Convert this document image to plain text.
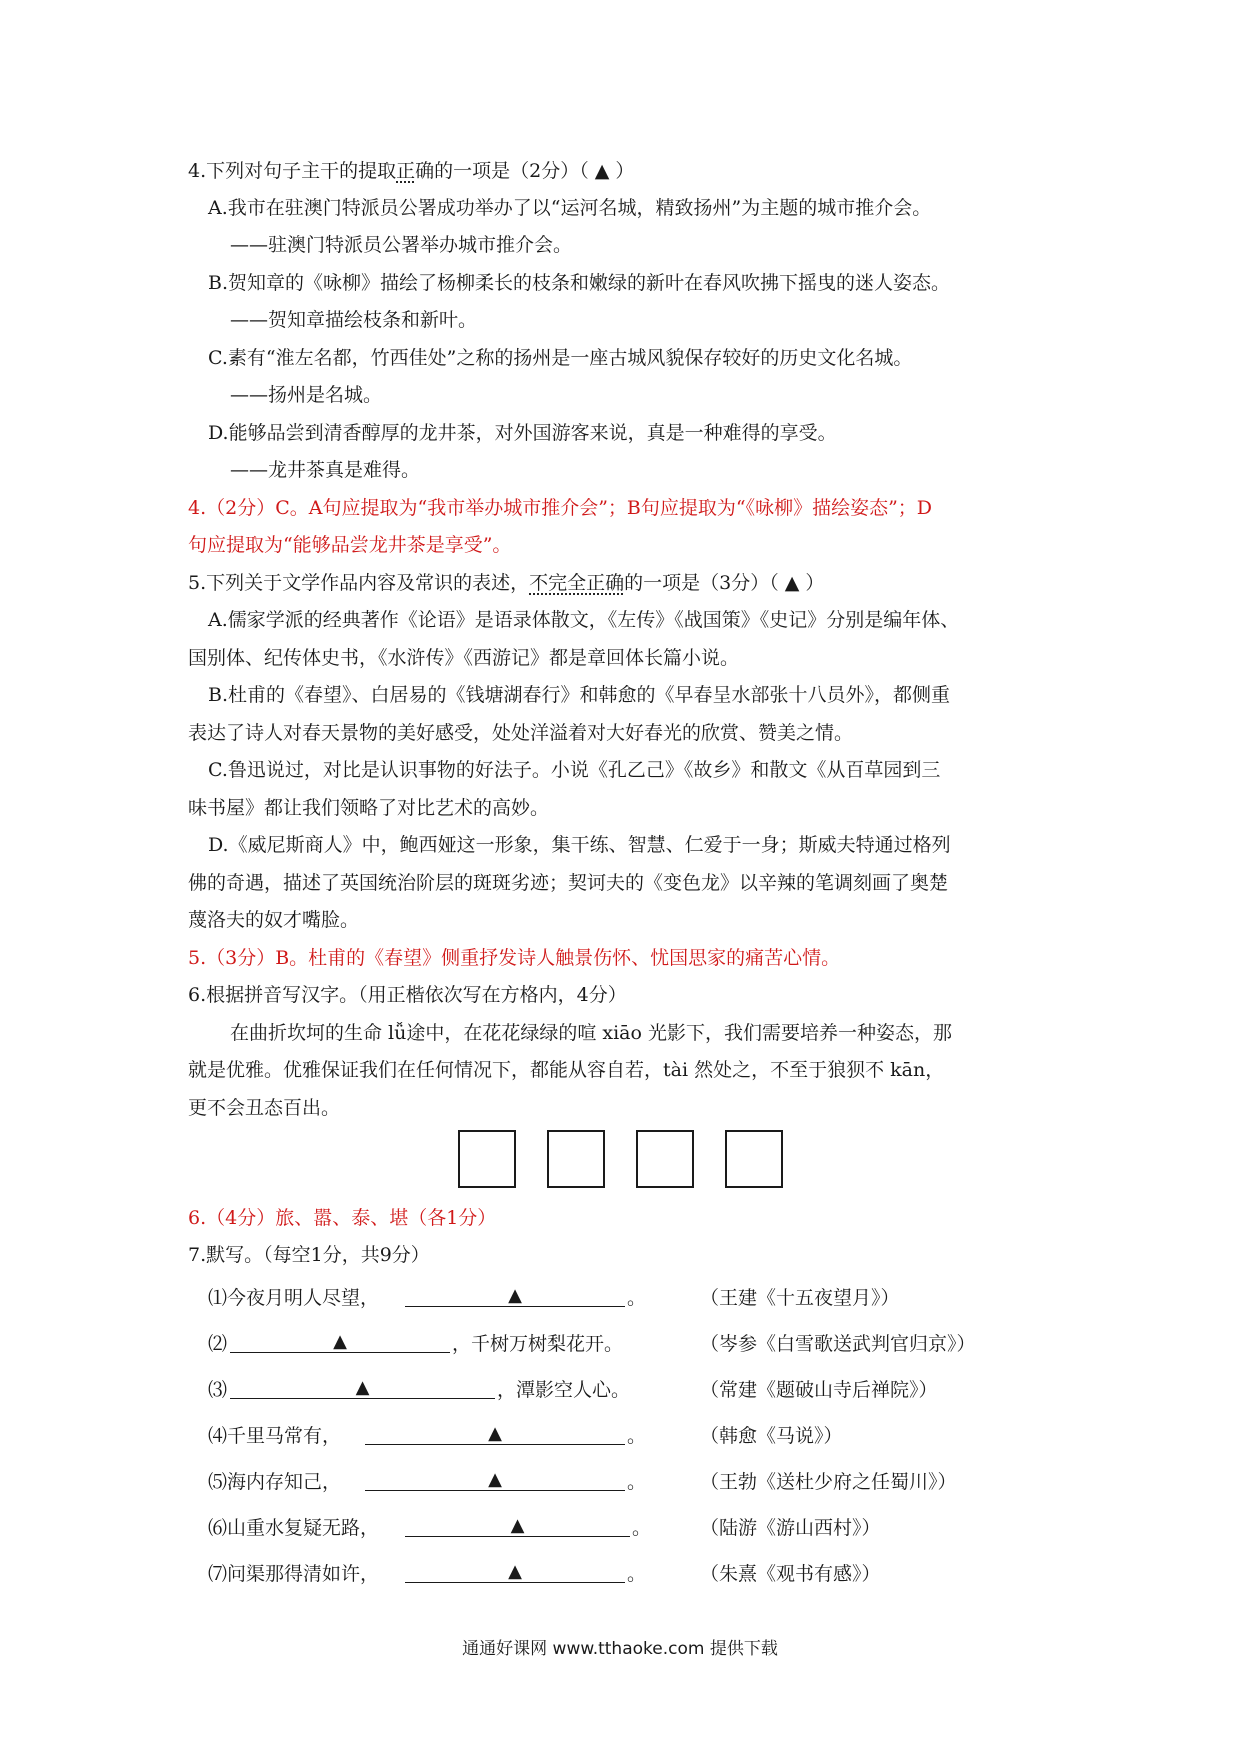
4.下列对句子主干的提取正确的一项是（2分）（ ▲ ）
A.我市在驻澳门特派员公署成功举办了以“运河名城，精致扬州”为主题的城市推介会。
——驻澳门特派员公署举办城市推介会。
B.贺知章的《咏柳》描绘了杨柳柔长的枝条和嫩绿的新叶在春风吹拂下摇曳的迷人姿态。
——贺知章描绘枝条和新叶。
C.素有“淮左名都，竹西佳处”之称的扬州是一座古城风貌保存较好的历史文化名城。
——扬州是名城。
D.能够品尝到清香醇厚的龙井茶，对外国游客来说，真是一种难得的享受。
——龙井茶真是难得。
4.（2分）C。A句应提取为“我市举办城市推介会”；B句应提取为“《咏柳》描绘姿态”；D
句应提取为“能够品尝龙井茶是享受”。
5.下列关于文学作品内容及常识的表述，不完全正确的一项是（3分）（ ▲ ）
A.儒家学派的经典著作《论语》是语录体散文，《左传》《战国策》《史记》分别是编年体、
国别体、纪传体史书，《水浒传》《西游记》都是章回体长篇小说。
B.杜甫的《春望》、白居易的《钱塘湖春行》和韩愈的《早春呈水部张十八员外》，都侧重
表达了诗人对春天景物的美好感受，处处洋溢着对大好春光的欣赏、赞美之情。
C.鲁迅说过，对比是认识事物的好法子。小说《孔乙己》《故乡》和散文《从百草园到三
味书屋》都让我们领略了对比艺术的高妙。
D.《威尼斯商人》中，鲍西娅这一形象，集干练、智慧、仁爱于一身；斯威夫特通过格列
佛的奇遇，描述了英国统治阶层的斑斑劣迹；契诃夫的《变色龙》以辛辣的笔调刻画了奥楚
蔑洛夫的奴才嘴脸。
5.（3分）B。杜甫的《春望》侧重抒发诗人触景伤怀、忧国思家的痛苦心情。
6.根据拼音写汉字。（用正楷依次写在方格内，4分）
在曲折坎坷的生命 lǚ途中，在花花绿绿的喧 xiāo 光影下，我们需要培养一种姿态，那
就是优雅。优雅保证我们在任何情况下，都能从容自若，tài 然处之，不至于狼狈不 kān，
更不会丑态百出。
6.（4分）旅、嚣、泰、堪（各1分）
7.默写。（每空1分，共9分）
⑴今夜月明人尽望，	▲	。	（王建《十五夜望月》）
⑵	▲	，千树万树梨花开。	（岑参《白雪歌送武判官归京》）
⑶	▲	，潭影空人心。	（常建《题破山寺后禅院》）
⑷千里马常有，	▲	。	（韩愈《马说》）
⑸海内存知己，	▲	。	（王勃《送杜少府之任蜀川》）
⑹山重水复疑无路，	▲	。	（陆游《游山西村》）
⑺问渠那得清如许，	▲	。	（朱熹《观书有感》）
通通好课网 www.tthaoke.com 提供下载
